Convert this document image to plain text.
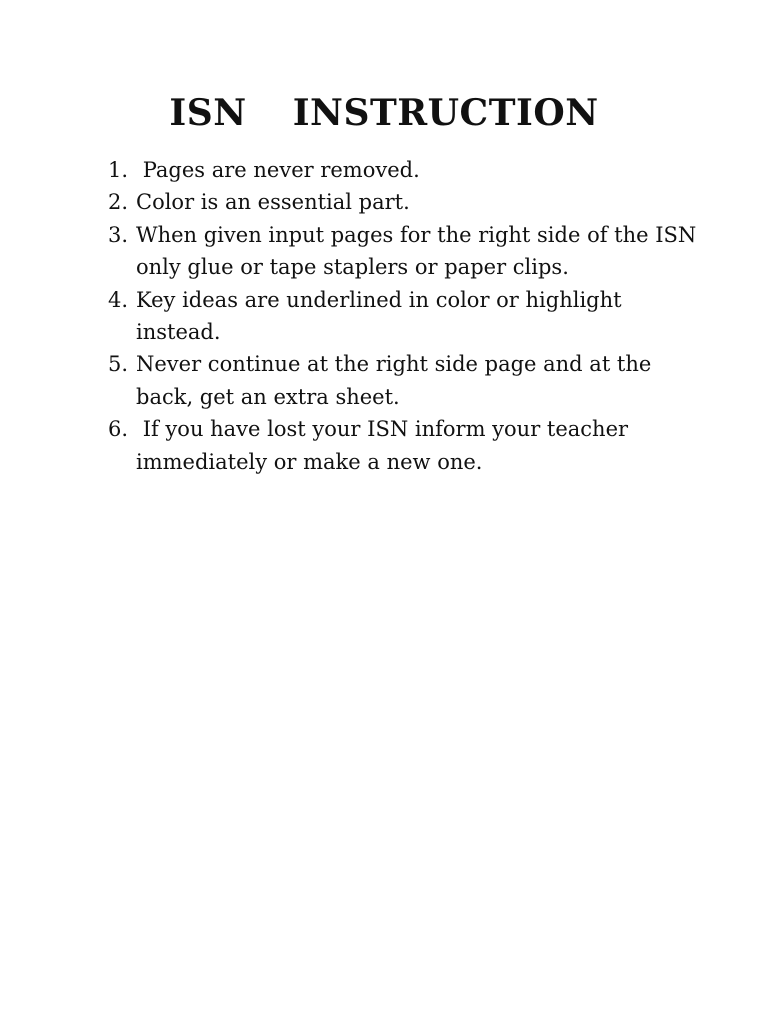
ISN  INSTRUCTION
1. Pages are never removed.
2. Color is an essential part.
3. When given input pages for the right side of the ISN only glue or tape staplers or paper clips.
4. Key ideas are underlined in color or highlight instead.
5. Never continue at the right side page and at the back, get an extra sheet.
6. If you have lost your ISN inform your teacher immediately or make a new one.
